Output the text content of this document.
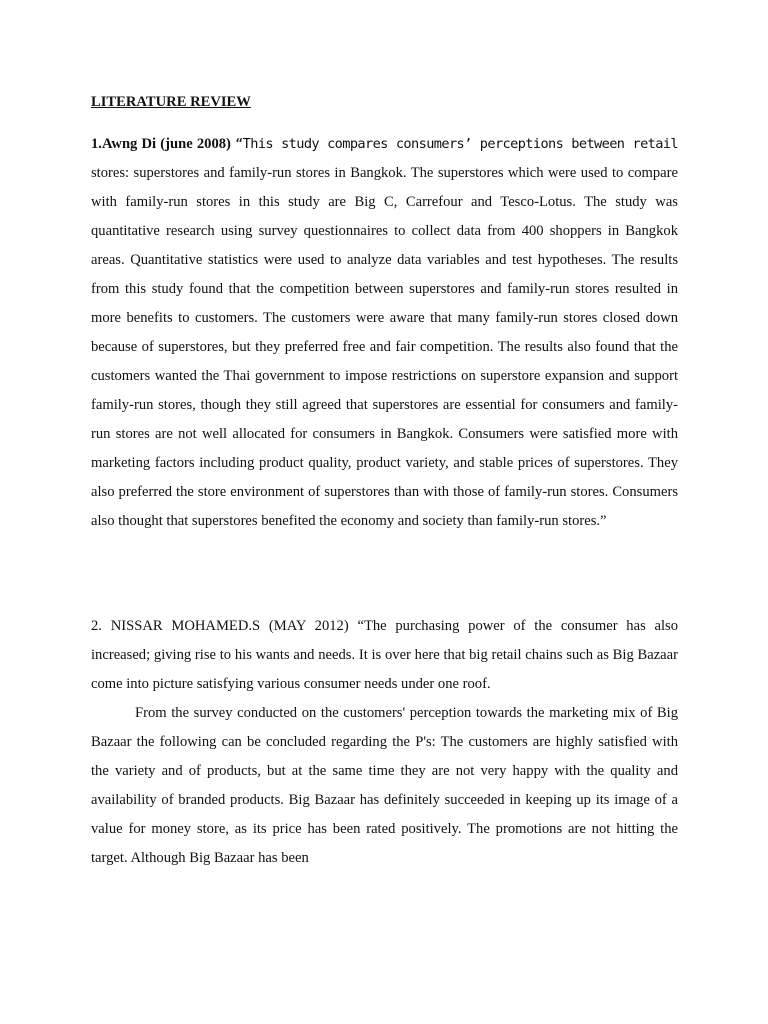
LITERATURE REVIEW

1.Awng Di (june 2008) “This study compares consumers’ perceptions between retail stores: superstores and family-run stores in Bangkok. The superstores which were used to compare with family-run stores in this study are Big C, Carrefour and Tesco-Lotus. The study was quantitative research using survey questionnaires to collect data from 400 shoppers in Bangkok areas. Quantitative statistics were used to analyze data variables and test hypotheses. The results from this study found that the competition between superstores and family-run stores resulted in more benefits to customers. The customers were aware that many family-run stores closed down because of superstores, but they preferred free and fair competition. The results also found that the customers wanted the Thai government to impose restrictions on superstore expansion and support family-run stores, though they still agreed that superstores are essential for consumers and family-run stores are not well allocated for consumers in Bangkok. Consumers were satisfied more with marketing factors including product quality, product variety, and stable prices of superstores. They also preferred the store environment of superstores than with those of family-run stores. Consumers also thought that superstores benefited the economy and society than family-run stores.”

2. NISSAR MOHAMED.S (MAY 2012) “The purchasing power of the consumer has also increased; giving rise to his wants and needs. It is over here that big retail chains such as Big Bazaar come into picture satisfying various consumer needs under one roof.

From the survey conducted on the customers' perception towards the marketing mix of Big Bazaar the following can be concluded regarding the P's: The customers are highly satisfied with the variety and of products, but at the same time they are not very happy with the quality and availability of branded products. Big Bazaar has definitely succeeded in keeping up its image of a value for money store, as its price has been rated positively. The promotions are not hitting the target. Although Big Bazaar has been
